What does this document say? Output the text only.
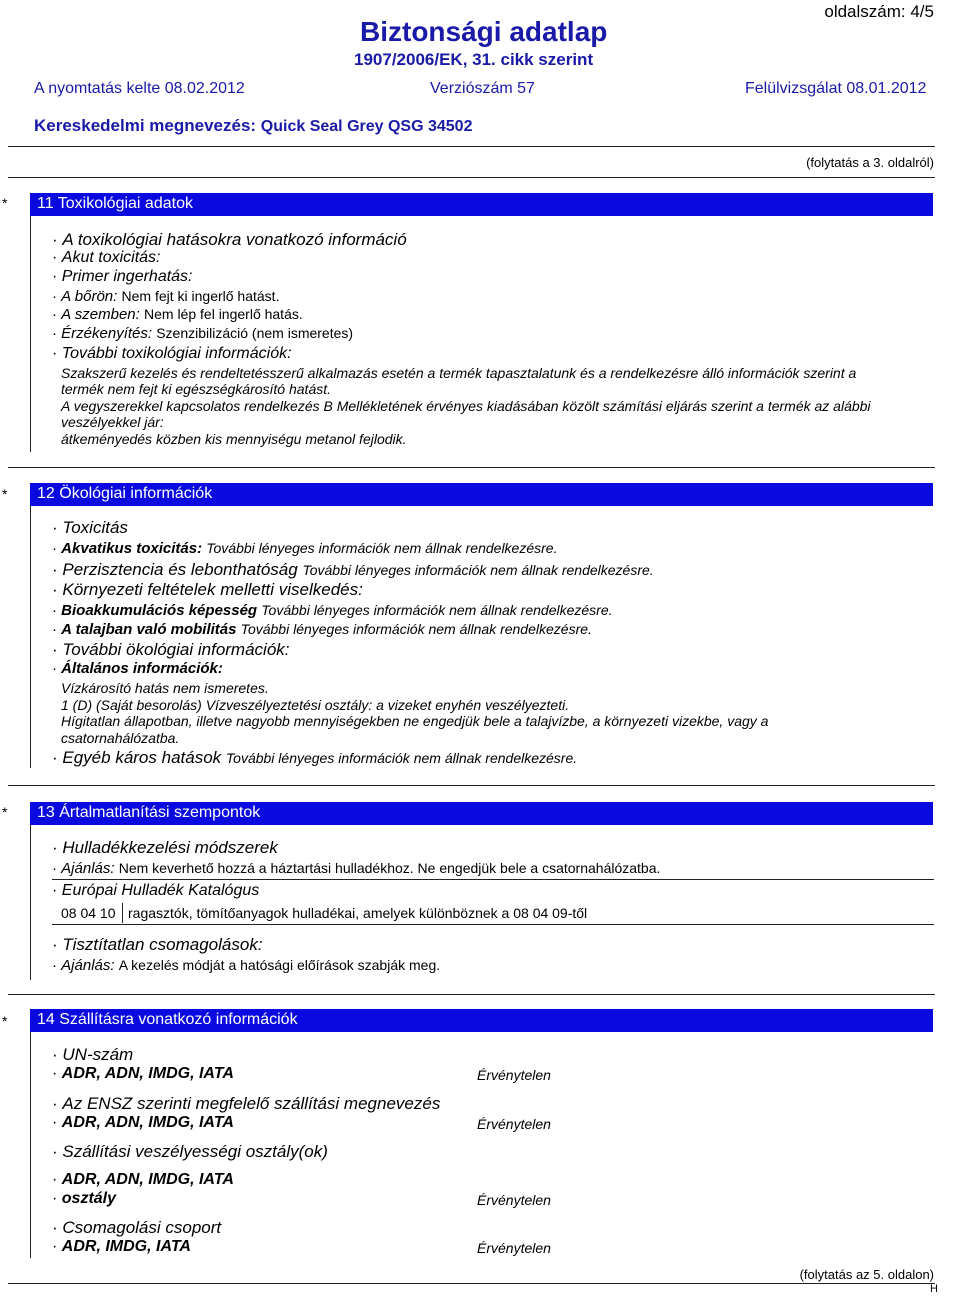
oldalszám: 4/5
Biztonsági adatlap
1907/2006/EK, 31. cikk szerint
A nyomtatás kelte 08.02.2012	Verziószám 57	Felülvizsgálat 08.01.2012
Kereskedelmi megnevezés: Quick Seal Grey QSG 34502
(folytatás a 3. oldalról)
*	11 Toxikológiai adatok
· A toxikológiai hatásokra vonatkozó információ
· Akut toxicitás:
· Primer ingerhatás:
· A bőrön: Nem fejt ki ingerlő hatást.
· A szemben: Nem lép fel ingerlő hatás.
· Érzékenyítés: Szenzibilizáció (nem ismeretes)
· További toxikológiai információk:
Szakszerű kezelés és rendeltetésszerű alkalmazás esetén a termék tapasztalatunk és a rendelkezésre álló információk szerint a
termék nem fejt ki egészségkárosító hatást.
A vegyszerekkel kapcsolatos rendelkezés B Mellékletének érvényes kiadásában közölt számítási eljárás szerint a termék az alábbi
veszélyekkel jár:
átkeményedés közben kis mennyiségu metanol fejlodik.
*	12 Ökológiai információk
· Toxicitás
· Akvatikus toxicitás: További lényeges információk nem állnak rendelkezésre.
· Perzisztencia és lebonthatóság További lényeges információk nem állnak rendelkezésre.
· Környezeti feltételek melletti viselkedés:
· Bioakkumulációs képesség További lényeges információk nem állnak rendelkezésre.
· A talajban való mobilitás További lényeges információk nem állnak rendelkezésre.
· További ökológiai információk:
· Általános információk:
Vízkárosító hatás nem ismeretes.
1 (D) (Saját besorolás) Vízveszélyeztetési osztály: a vizeket enyhén veszélyezteti.
Hígitatlan állapotban, illetve nagyobb mennyiségekben ne engedjük bele a talajvízbe, a környezeti vizekbe, vagy a
csatornahálózatba.
· Egyéb káros hatások További lényeges információk nem állnak rendelkezésre.
*	13 Ártalmatlanítási szempontok
· Hulladékkezelési módszerek
· Ajánlás: Nem keverhető hozzá a háztartási hulladékhoz. Ne engedjük bele a csatornahálózatba.
· Európai Hulladék Katalógus
08 04 10 ragasztók, tömítőanyagok hulladékai, amelyek különböznek a 08 04 09-től
· Tisztítatlan csomagolások:
· Ajánlás: A kezelés módját a hatósági előírások szabják meg.
*	14 Szállításra vonatkozó információk
· UN-szám
· ADR, ADN, IMDG, IATA	Érvénytelen
· Az ENSZ szerinti megfelelő szállítási megnevezés
· ADR, ADN, IMDG, IATA	Érvénytelen
· Szállítási veszélyességi osztály(ok)
· ADR, ADN, IMDG, IATA
· osztály	Érvénytelen
· Csomagolási csoport
· ADR, IMDG, IATA	Érvénytelen
(folytatás az 5. oldalon)
H
